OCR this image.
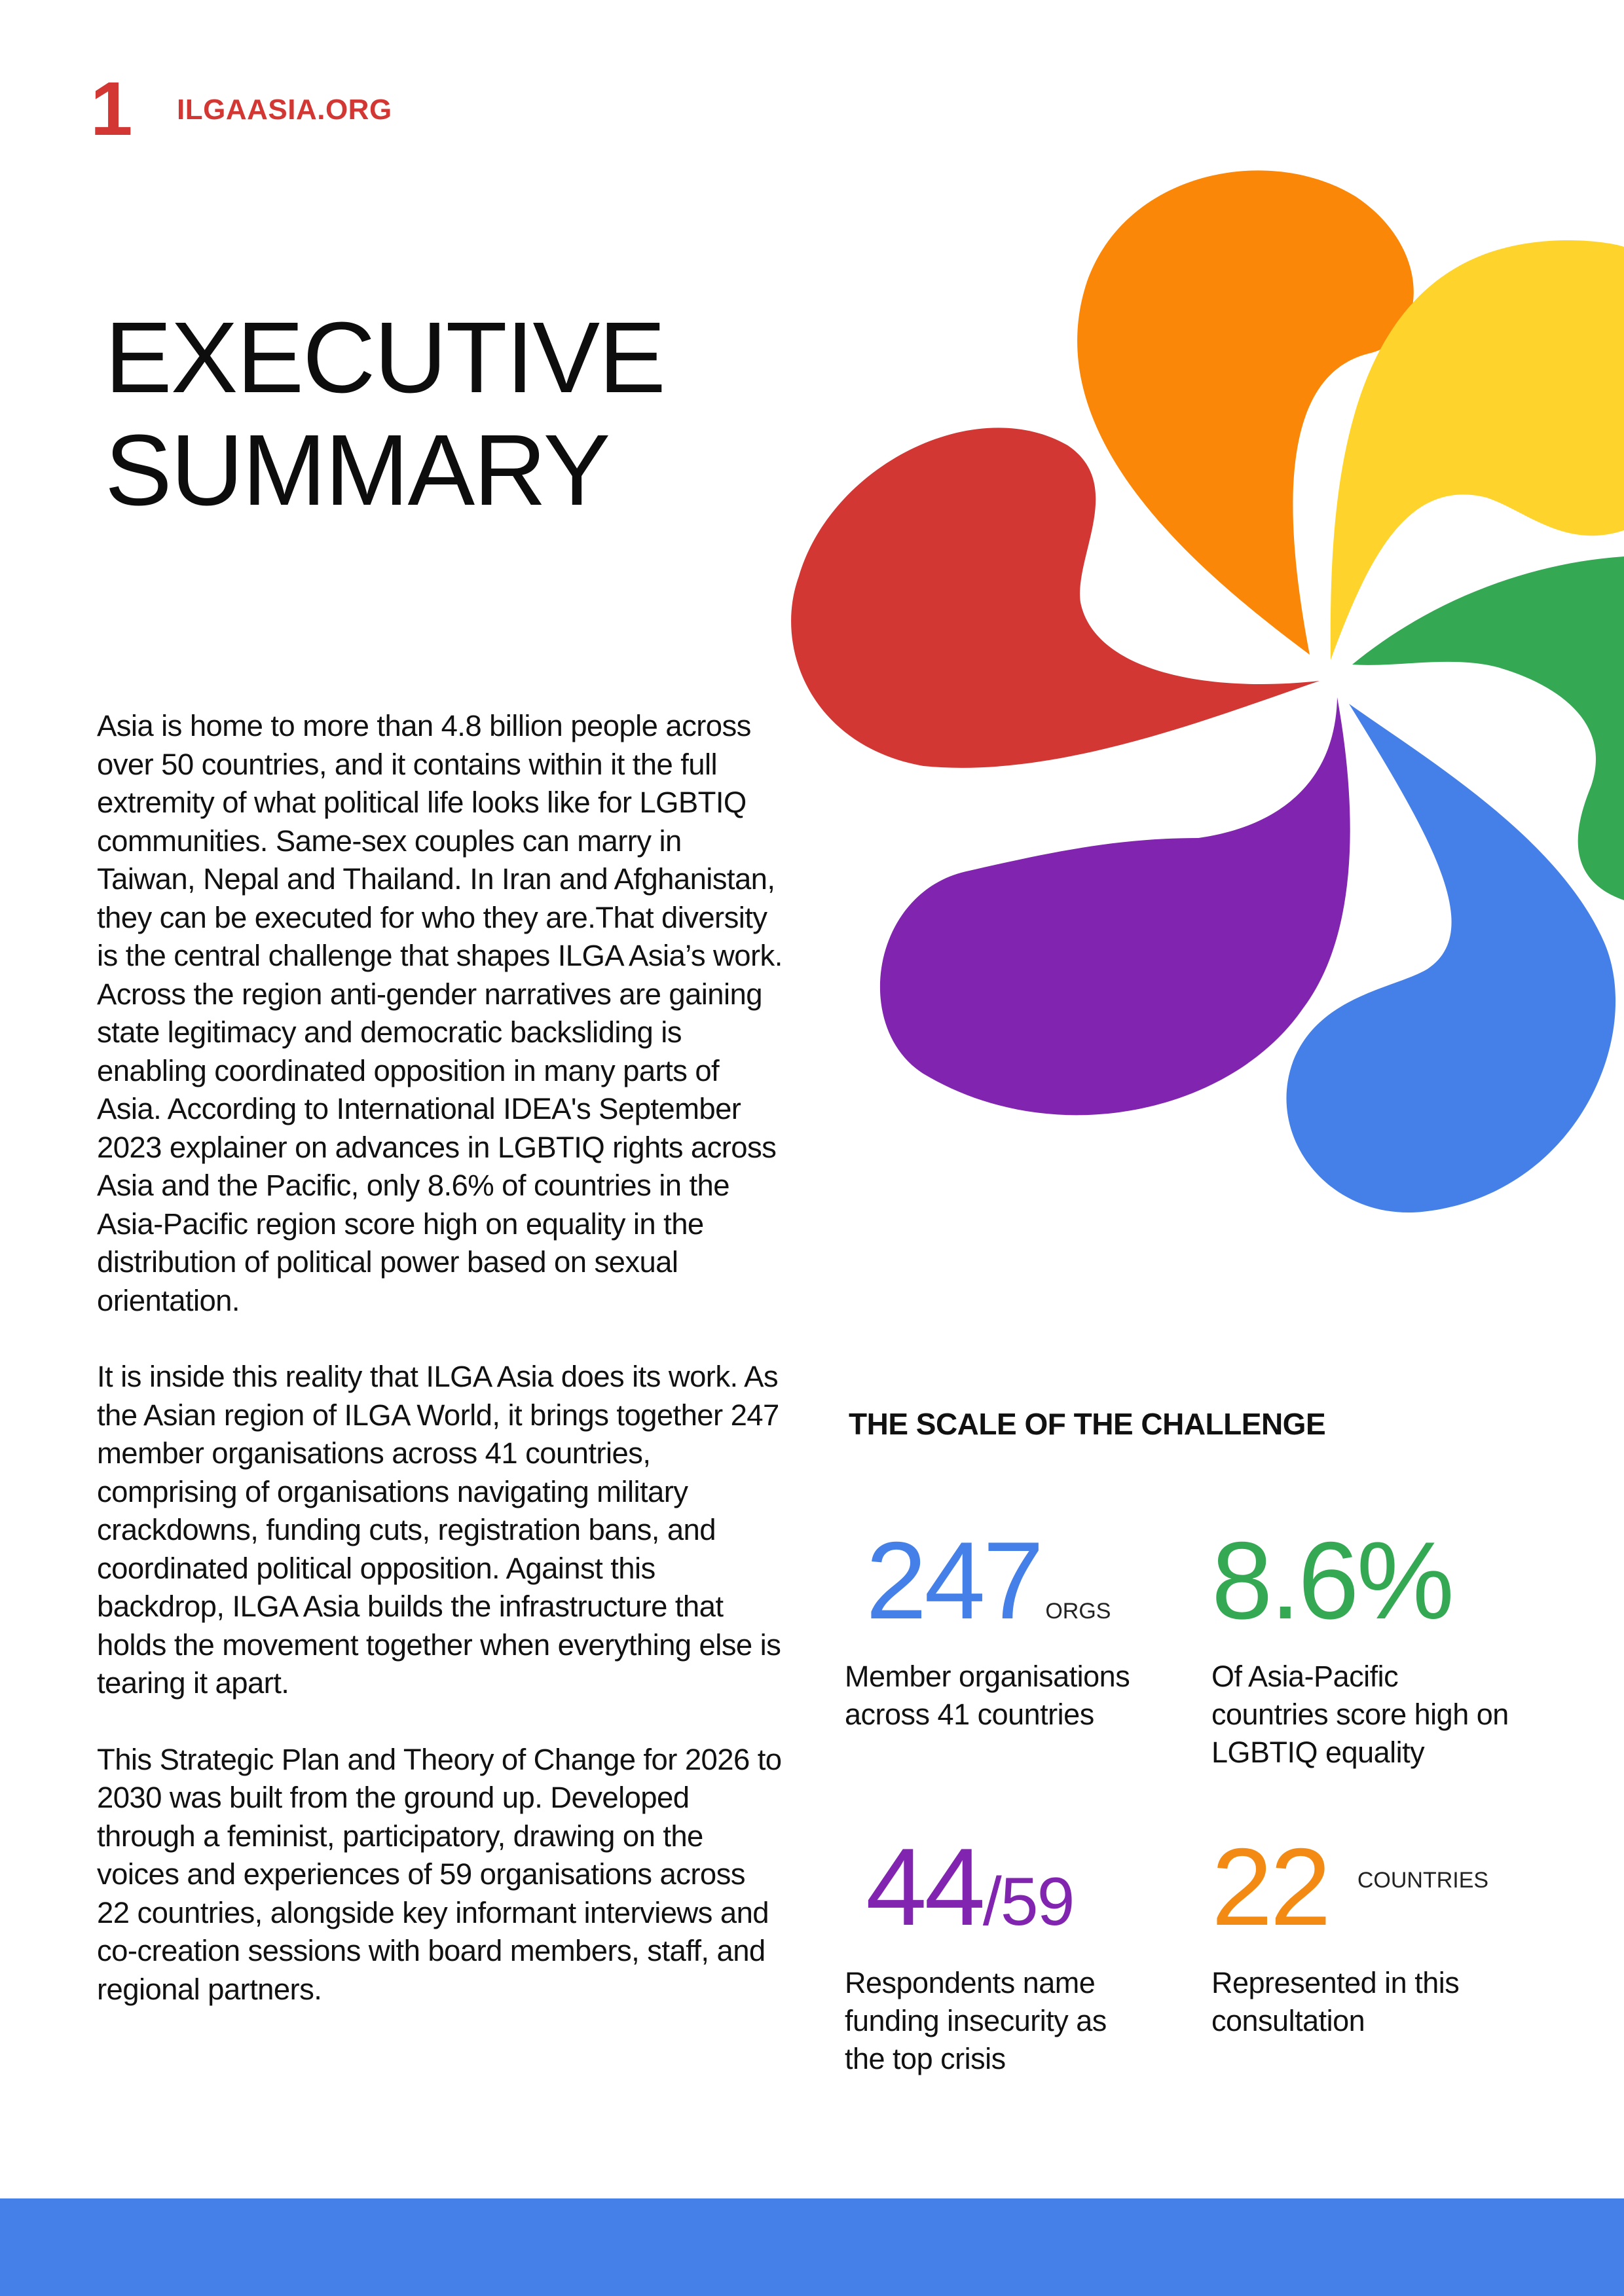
1 ILGAASIA.ORG
EXECUTIVE
SUMMARY

Asia is home to more than 4.8 billion people across over 50 countries, and it contains within it the full extremity of what political life looks like for LGBTIQ communities. Same-sex couples can marry in Taiwan, Nepal and Thailand. In Iran and Afghanistan, they can be executed for who they are.That diversity is the central challenge that shapes ILGA Asia’s work. Across the region anti-gender narratives are gaining state legitimacy and democratic backsliding is enabling coordinated opposition in many parts of Asia. According to International IDEA's September 2023 explainer on advances in LGBTIQ rights across Asia and the Pacific, only 8.6% of countries in the Asia-Pacific region score high on equality in the distribution of political power based on sexual orientation.

It is inside this reality that ILGA Asia does its work. As the Asian region of ILGA World, it brings together 247 member organisations across 41 countries, comprising of organisations navigating military crackdowns, funding cuts, registration bans, and coordinated political opposition. Against this backdrop, ILGA Asia builds the infrastructure that holds the movement together when everything else is tearing it apart.

This Strategic Plan and Theory of Change for 2026 to 2030 was built from the ground up. Developed through a feminist, participatory, drawing on the voices and experiences of 59 organisations across 22 countries, alongside key informant interviews and co-creation sessions with board members, staff, and regional partners.

THE SCALE OF THE CHALLENGE
247 ORGS
Member organisations across 41 countries
8.6%
Of Asia-Pacific countries score high on LGBTIQ equality
44 /59
Respondents name funding insecurity as the top crisis
22 COUNTRIES
Represented in this consultation
